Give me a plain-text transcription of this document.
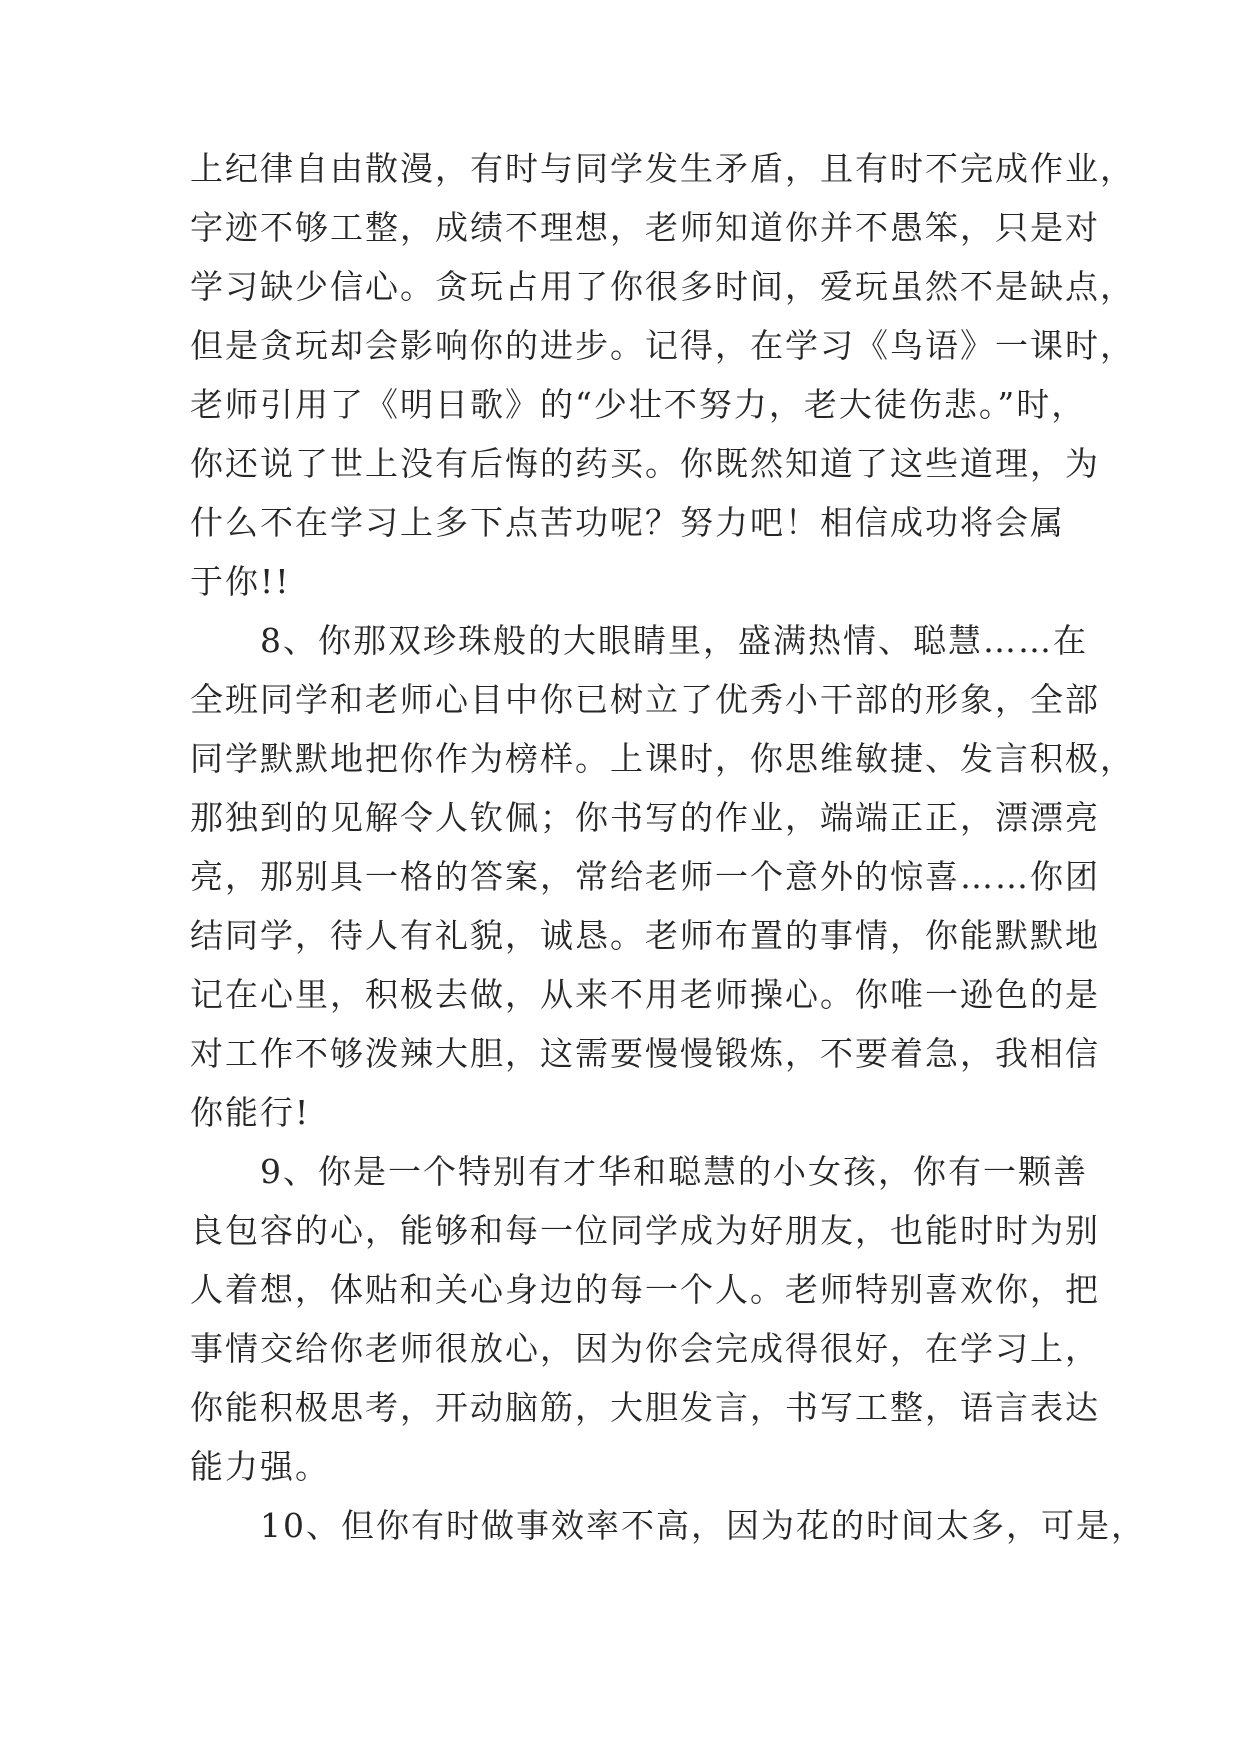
上纪律自由散漫，有时与同学发生矛盾，且有时不完成作业，
字迹不够工整，成绩不理想，老师知道你并不愚笨，只是对
学习缺少信心。贪玩占用了你很多时间，爱玩虽然不是缺点，
但是贪玩却会影响你的进步。记得，在学习《鸟语》一课时，
老师引用了《明日歌》的“少壮不努力，老大徒伤悲。”时，
你还说了世上没有后悔的药买。你既然知道了这些道理，为
什么不在学习上多下点苦功呢？努力吧！相信成功将会属
于你!!
8、你那双珍珠般的大眼睛里，盛满热情、聪慧……在
全班同学和老师心目中你已树立了优秀小干部的形象，全部
同学默默地把你作为榜样。上课时，你思维敏捷、发言积极，
那独到的见解令人钦佩；你书写的作业，端端正正，漂漂亮
亮，那别具一格的答案，常给老师一个意外的惊喜……你团
结同学，待人有礼貌，诚恳。老师布置的事情，你能默默地
记在心里，积极去做，从来不用老师操心。你唯一逊色的是
对工作不够泼辣大胆，这需要慢慢锻炼，不要着急，我相信
你能行!
9、你是一个特别有才华和聪慧的小女孩，你有一颗善
良包容的心，能够和每一位同学成为好朋友，也能时时为别
人着想，体贴和关心身边的每一个人。老师特别喜欢你，把
事情交给你老师很放心，因为你会完成得很好，在学习上，
你能积极思考，开动脑筋，大胆发言，书写工整，语言表达
能力强。
10、但你有时做事效率不高，因为花的时间太多，可是，
